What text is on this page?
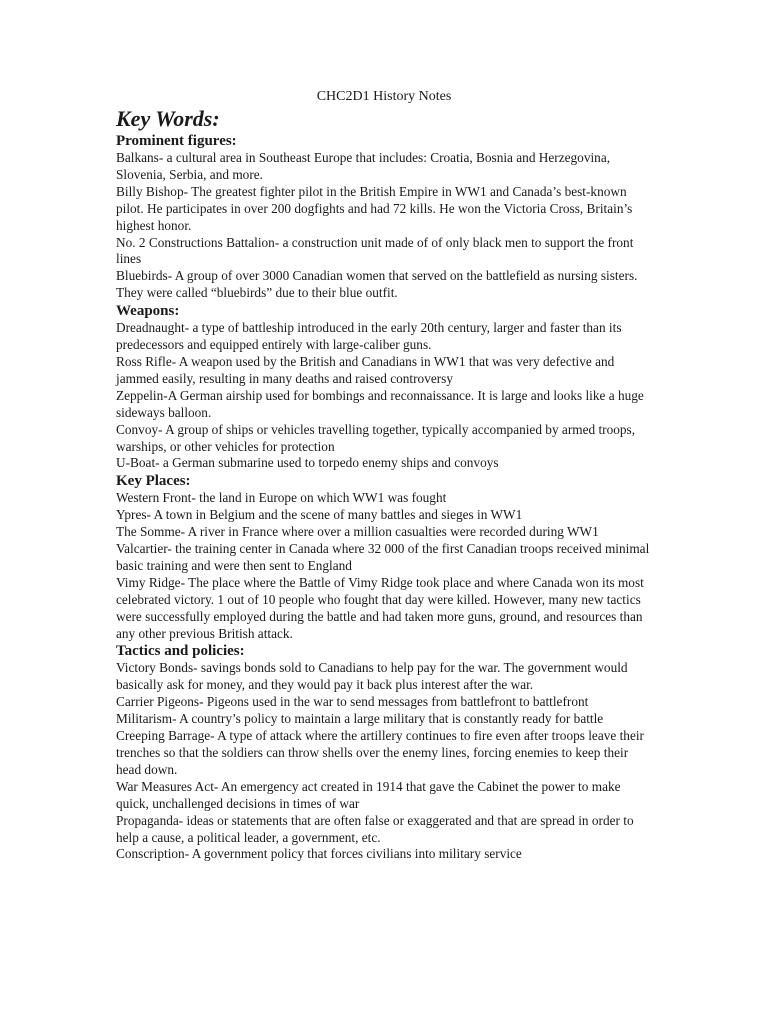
CHC2D1 History Notes
Key Words:
Prominent figures:

Balkans- a cultural area in Southeast Europe that includes: Croatia, Bosnia and Herzegovina, Slovenia, Serbia, and more.

Billy Bishop- The greatest fighter pilot in the British Empire in WW1 and Canada’s best-known pilot. He participates in over 200 dogfights and had 72 kills. He won the Victoria Cross, Britain’s highest honor.

No. 2 Constructions Battalion- a construction unit made of of only black men to support the front lines

Bluebirds- A group of over 3000 Canadian women that served on the battlefield as nursing sisters. They were called “bluebirds” due to their blue outfit.

Weapons:

Dreadnaught- a type of battleship introduced in the early 20th century, larger and faster than its predecessors and equipped entirely with large-caliber guns.

Ross Rifle- A weapon used by the British and Canadians in WW1 that was very defective and jammed easily, resulting in many deaths and raised controversy

Zeppelin-A German airship used for bombings and reconnaissance. It is large and looks like a huge sideways balloon.

Convoy- A group of ships or vehicles travelling together, typically accompanied by armed troops, warships, or other vehicles for protection

U-Boat- a German submarine used to torpedo enemy ships and convoys

Key Places:

Western Front- the land in Europe on which WW1 was fought

Ypres- A town in Belgium and the scene of many battles and sieges in WW1

The Somme- A river in France where over a million casualties were recorded during WW1

Valcartier- the training center in Canada where 32 000 of the first Canadian troops received minimal basic training and were then sent to England

Vimy Ridge- The place where the Battle of Vimy Ridge took place and where Canada won its most celebrated victory. 1 out of 10 people who fought that day were killed. However, many new tactics were successfully employed during the battle and had taken more guns, ground, and resources than any other previous British attack.

Tactics and policies:

Victory Bonds- savings bonds sold to Canadians to help pay for the war. The government would basically ask for money, and they would pay it back plus interest after the war.

Carrier Pigeons- Pigeons used in the war to send messages from battlefront to battlefront

Militarism- A country’s policy to maintain a large military that is constantly ready for battle

Creeping Barrage- A type of attack where the artillery continues to fire even after troops leave their trenches so that the soldiers can throw shells over the enemy lines, forcing enemies to keep their head down.

War Measures Act- An emergency act created in 1914 that gave the Cabinet the power to make quick, unchallenged decisions in times of war

Propaganda- ideas or statements that are often false or exaggerated and that are spread in order to help a cause, a political leader, a government, etc.

Conscription- A government policy that forces civilians into military service
